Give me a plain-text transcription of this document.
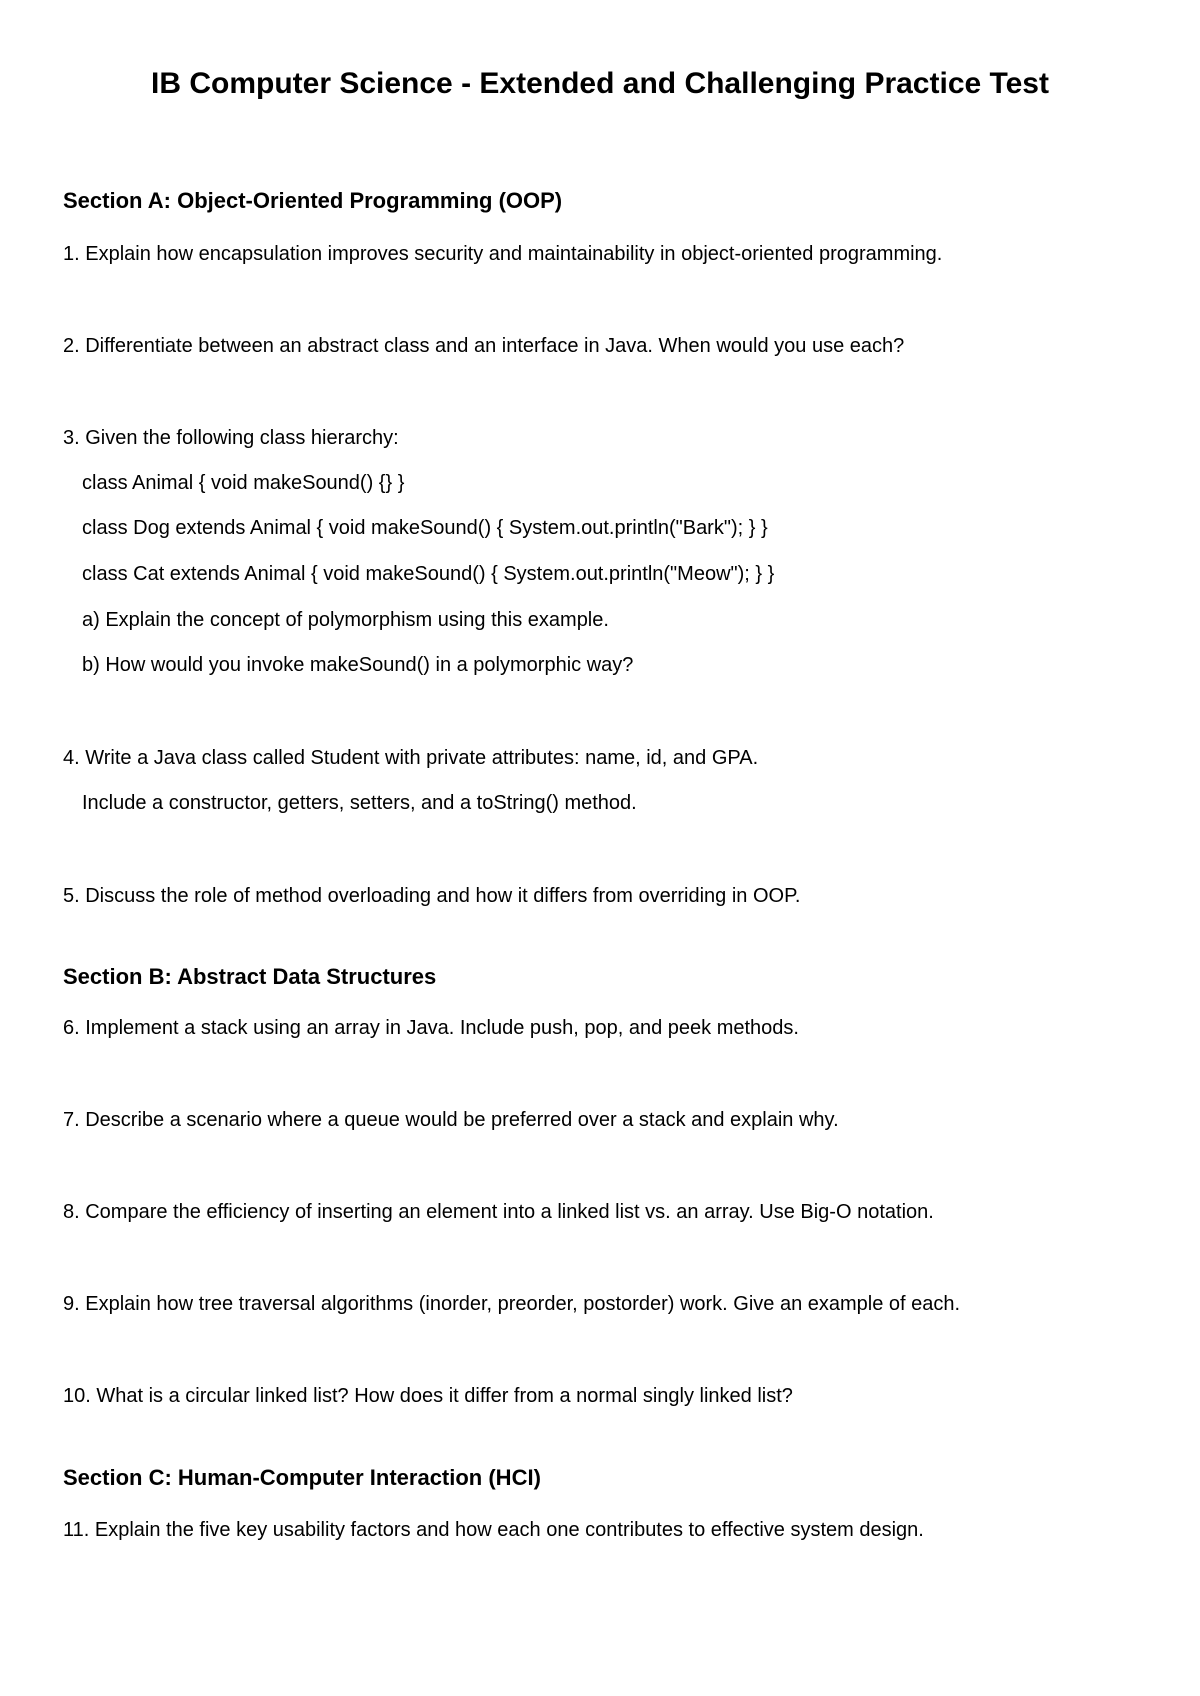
IB Computer Science - Extended and Challenging Practice Test
Section A: Object-Oriented Programming (OOP)

1. Explain how encapsulation improves security and maintainability in object-oriented programming.

2. Differentiate between an abstract class and an interface in Java. When would you use each?

3. Given the following class hierarchy:

class Animal { void makeSound() {} }

class Dog extends Animal { void makeSound() { System.out.println("Bark"); } }

class Cat extends Animal { void makeSound() { System.out.println("Meow"); } }

a) Explain the concept of polymorphism using this example.

b) How would you invoke makeSound() in a polymorphic way?

4. Write a Java class called Student with private attributes: name, id, and GPA.

Include a constructor, getters, setters, and a toString() method.

5. Discuss the role of method overloading and how it differs from overriding in OOP.

Section B: Abstract Data Structures

6. Implement a stack using an array in Java. Include push, pop, and peek methods.

7. Describe a scenario where a queue would be preferred over a stack and explain why.

8. Compare the efficiency of inserting an element into a linked list vs. an array. Use Big-O notation.

9. Explain how tree traversal algorithms (inorder, preorder, postorder) work. Give an example of each.

10. What is a circular linked list? How does it differ from a normal singly linked list?

Section C: Human-Computer Interaction (HCI)

11. Explain the five key usability factors and how each one contributes to effective system design.
